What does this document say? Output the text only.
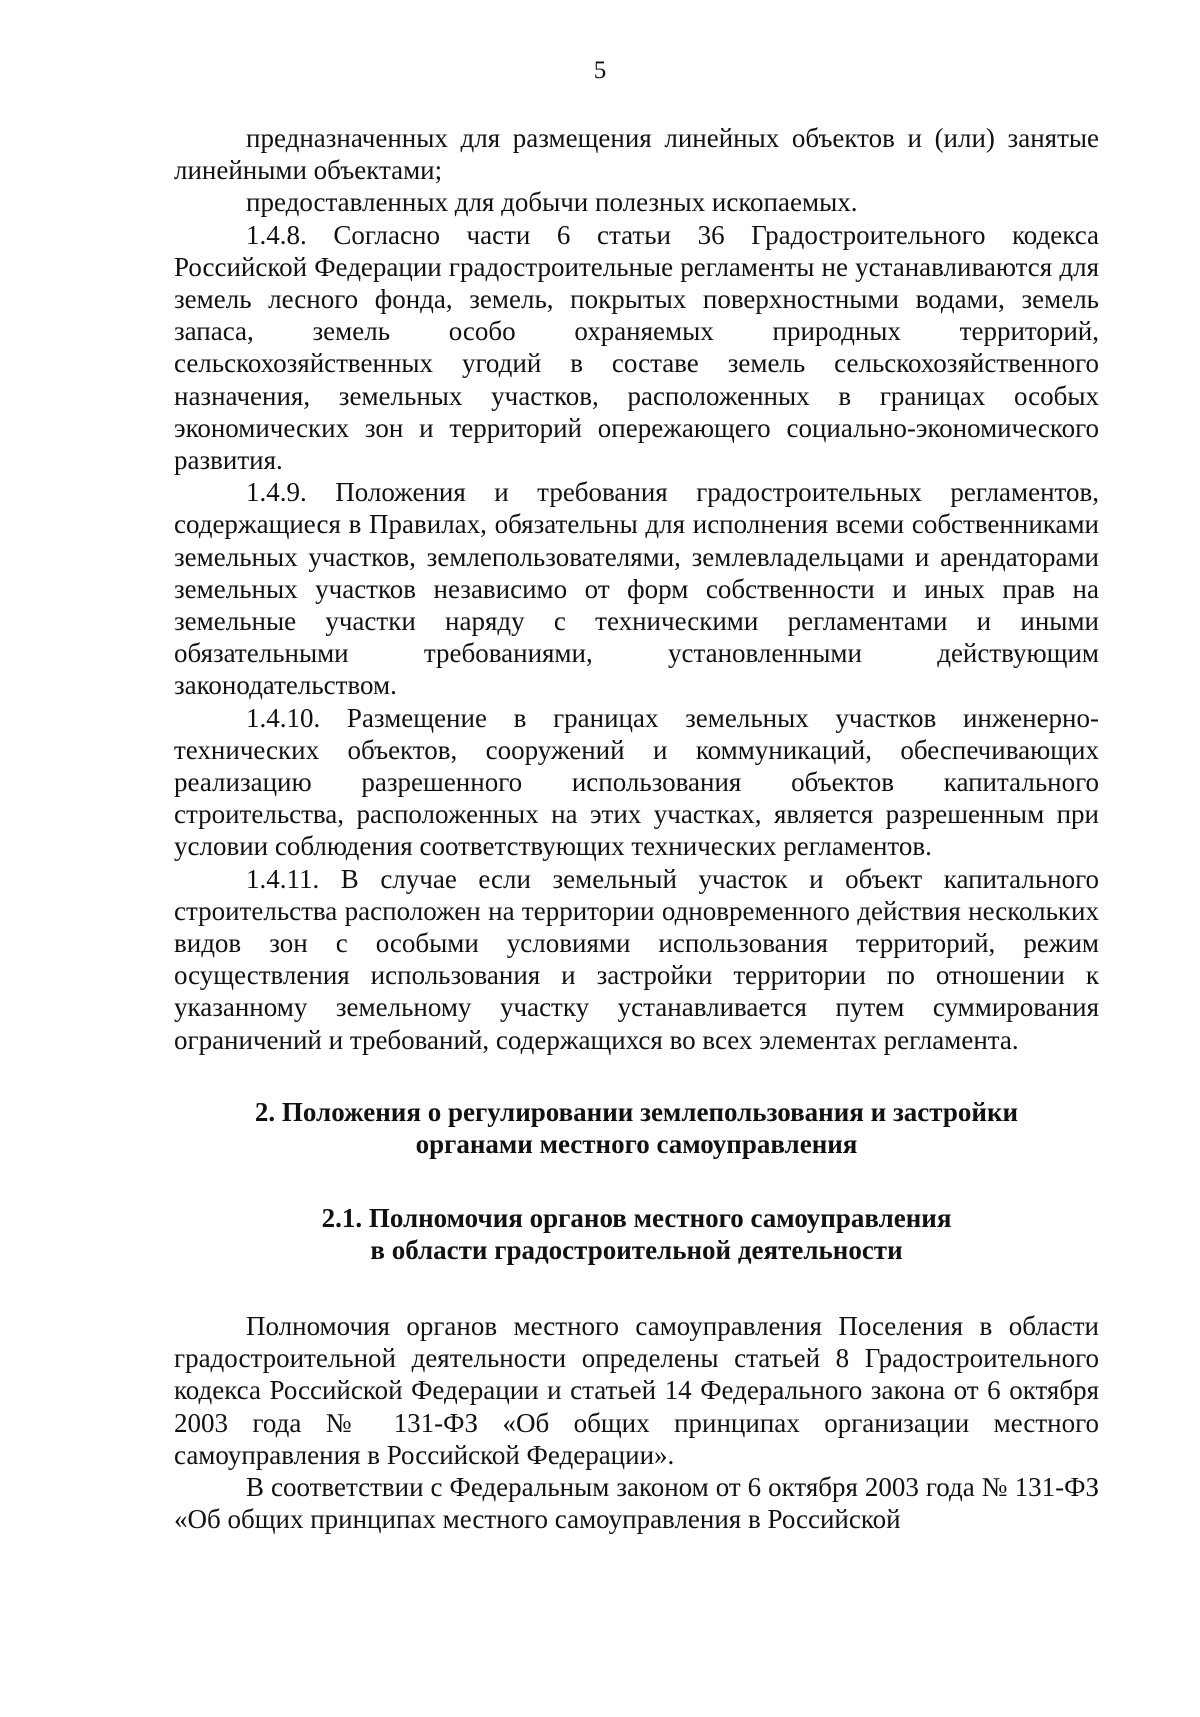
5

предназначенных для размещения линейных объектов и (или) занятые линейными объектами;

предоставленных для добычи полезных ископаемых.

1.4.8. Согласно части 6 статьи 36 Градостроительного кодекса Российской Федерации градостроительные регламенты не устанавливаются для земель лесного фонда, земель, покрытых поверхностными водами, земель запаса, земель особо охраняемых природных территорий, сельскохозяйственных угодий в составе земель сельскохозяйственного назначения, земельных участков, расположенных в границах особых экономических зон и территорий опережающего социально-экономического развития.

1.4.9. Положения и требования градостроительных регламентов, содержащиеся в Правилах, обязательны для исполнения всеми собственниками земельных участков, землепользователями, землевладельцами и арендаторами земельных участков независимо от форм собственности и иных прав на земельные участки наряду с техническими регламентами и иными обязательными требованиями, установленными действующим законодательством.

1.4.10. Размещение в границах земельных участков инженерно-технических объектов, сооружений и коммуникаций, обеспечивающих реализацию разрешенного использования объектов капитального строительства, расположенных на этих участках, является разрешенным при условии соблюдения соответствующих технических регламентов.

1.4.11. В случае если земельный участок и объект капитального строительства расположен на территории одновременного действия нескольких видов зон с особыми условиями использования территорий, режим осуществления использования и застройки территории по отношении к указанному земельному участку устанавливается путем суммирования ограничений и требований, содержащихся во всех элементах регламента.

2. Положения о регулировании землепользования и застройки
органами местного самоуправления
2.1. Полномочия органов местного самоуправления
в области градостроительной деятельности

Полномочия органов местного самоуправления Поселения в области градостроительной деятельности определены статьей 8 Градостроительного кодекса Российской Федерации и статьей 14 Федерального закона от 6 октября 2003 года № 131-ФЗ «Об общих принципах организации местного самоуправления в Российской Федерации».

В соответствии с Федеральным законом от 6 октября 2003 года № 131-ФЗ «Об общих принципах местного самоуправления в Российской
